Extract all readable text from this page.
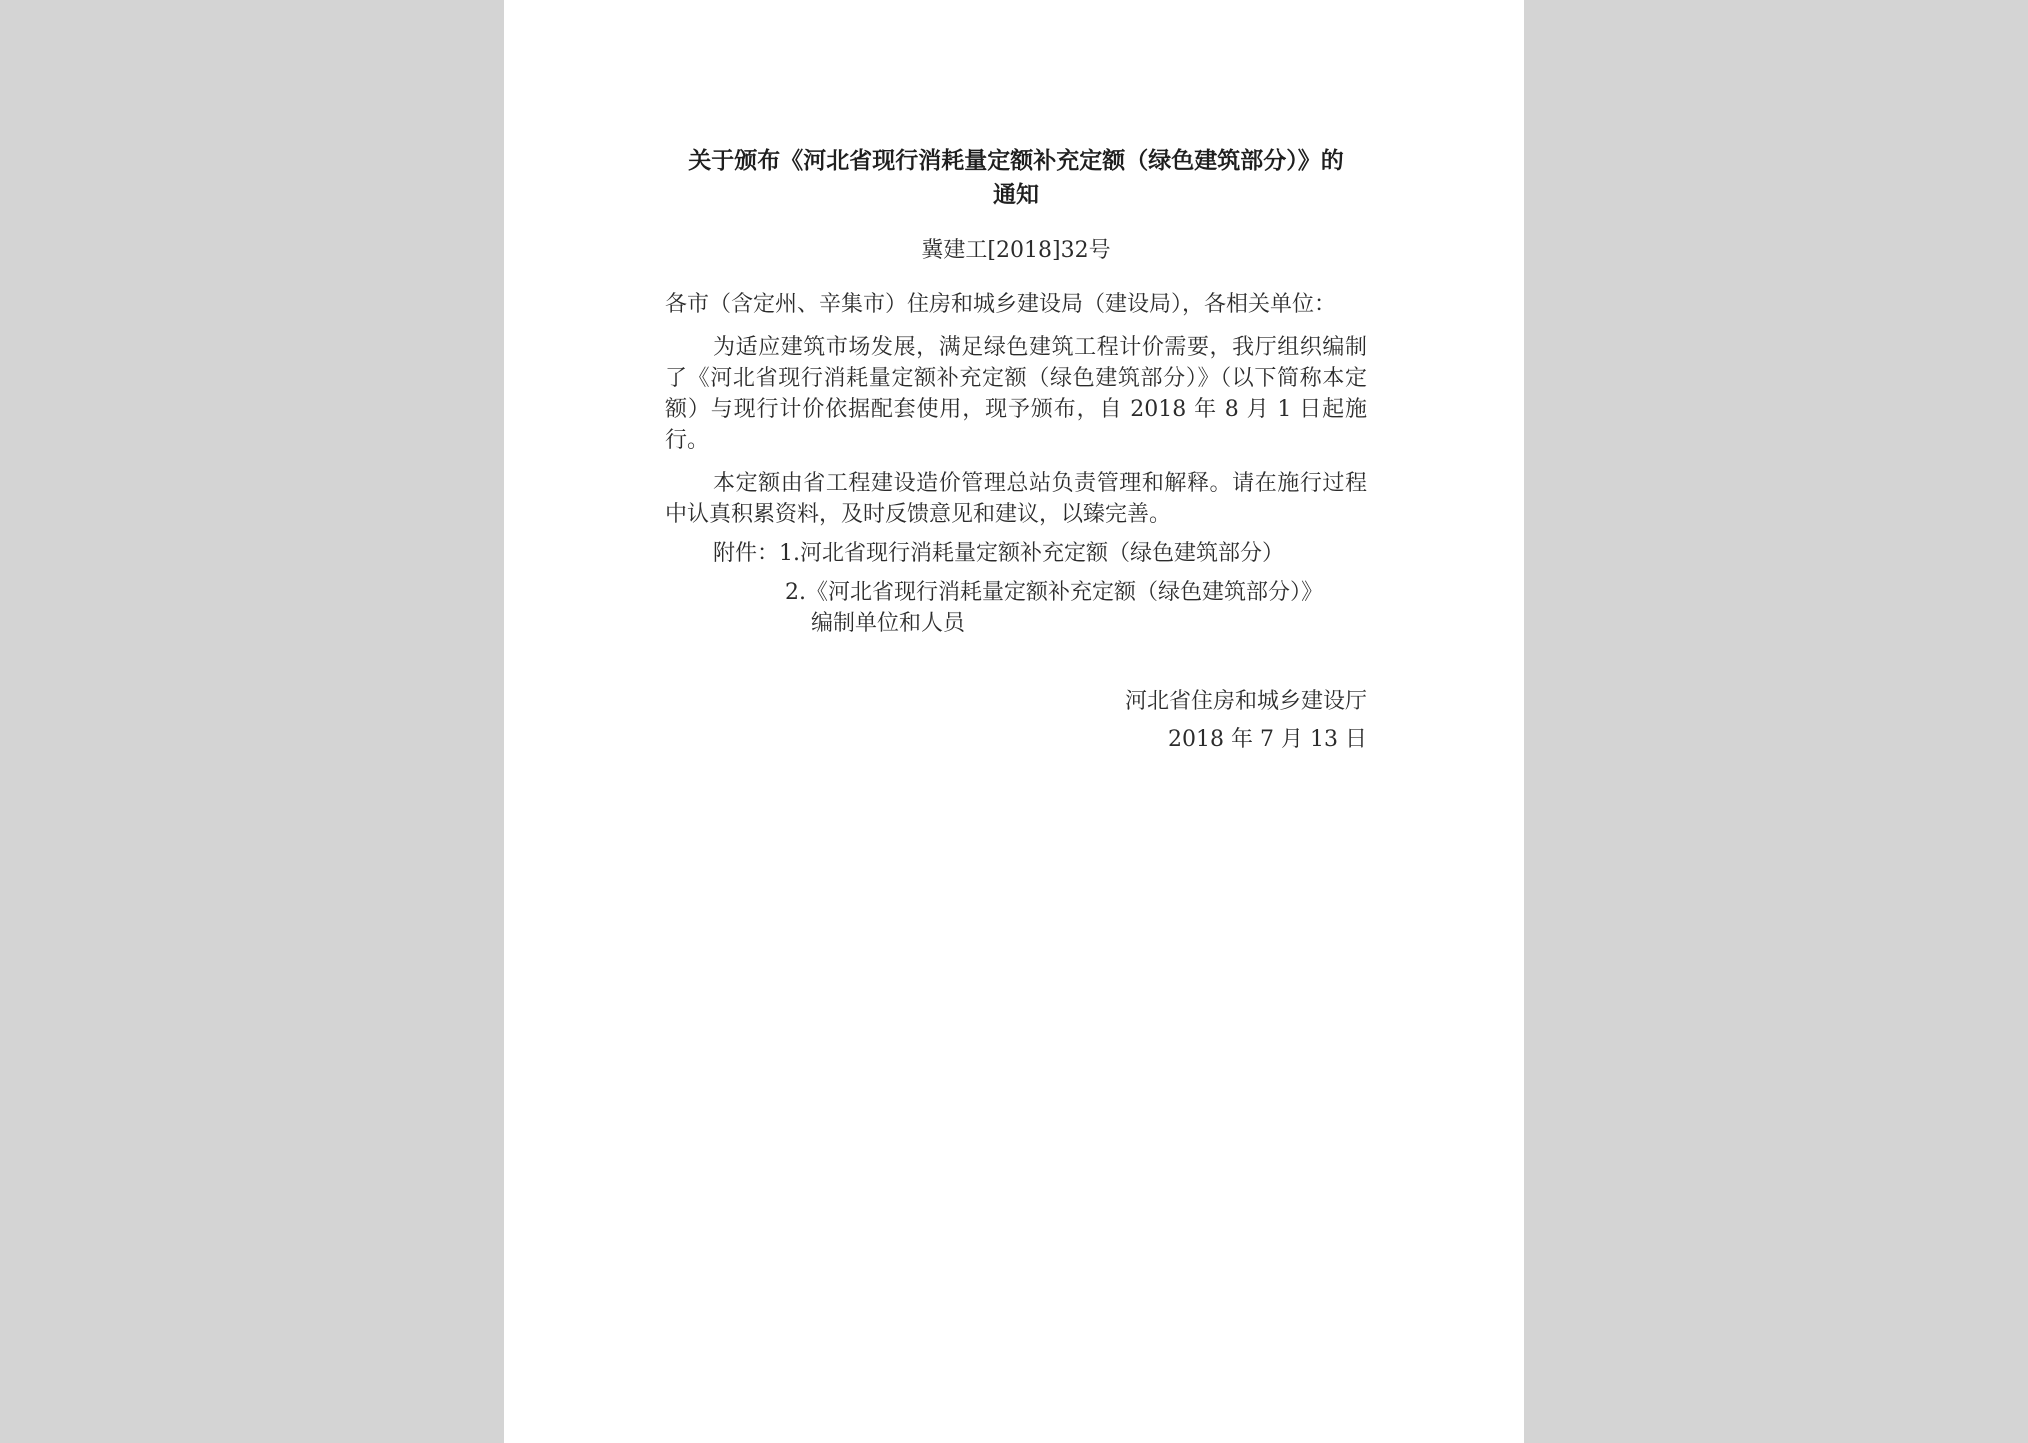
关于颁布《河北省现行消耗量定额补充定额（绿色建筑部分）》的
通知
冀建工[2018]32号
各市（含定州、辛集市）住房和城乡建设局（建设局），各相关单位：
为适应建筑市场发展，满足绿色建筑工程计价需要，我厅组织编制了《河北省现行消耗量定额补充定额（绿色建筑部分）》（以下简称本定额）与现行计价依据配套使用，现予颁布，自 2018 年 8 月 1 日起施行。
本定额由省工程建设造价管理总站负责管理和解释。请在施行过程中认真积累资料，及时反馈意见和建议，以臻完善。
附件：1.河北省现行消耗量定额补充定额（绿色建筑部分）
2.《河北省现行消耗量定额补充定额（绿色建筑部分）》
编制单位和人员
河北省住房和城乡建设厅
2018 年 7 月 13 日
